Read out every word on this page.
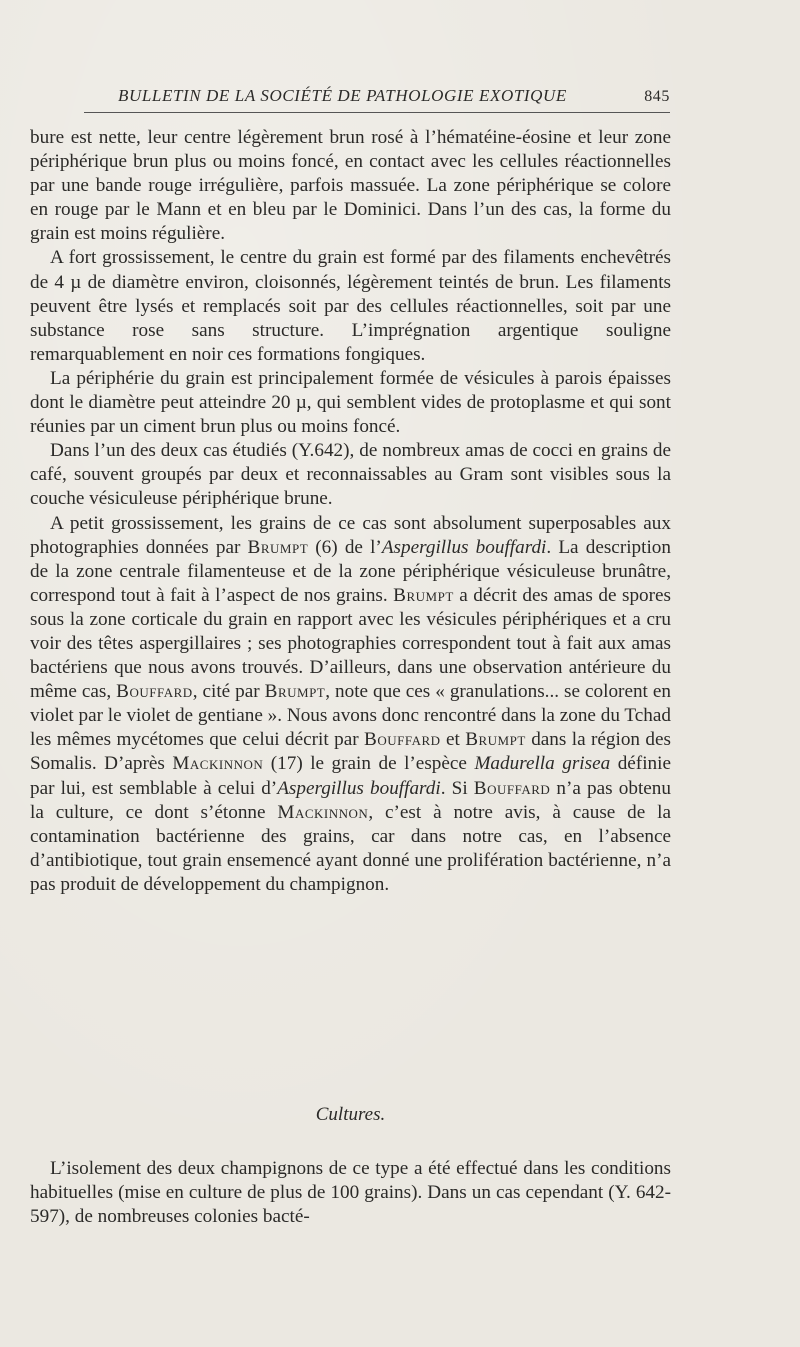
BULLETIN DE LA SOCIÉTÉ DE PATHOLOGIE EXOTIQUE	845

bure est nette, leur centre légèrement brun rosé à l’hématéine-éosine et leur zone périphérique brun plus ou moins foncé, en contact avec les cellules réactionnelles par une bande rouge irrégulière, parfois massuée. La zone périphérique se colore en rouge par le Mann et en bleu par le Dominici. Dans l’un des cas, la forme du grain est moins régulière.

A fort grossissement, le centre du grain est formé par des filaments enchevêtrés de 4 µ de diamètre environ, cloisonnés, légèrement teintés de brun. Les filaments peuvent être lysés et remplacés soit par des cellules réactionnelles, soit par une substance rose sans structure. L’imprégnation argentique souligne remarquablement en noir ces formations fongiques.

La périphérie du grain est principalement formée de vésicules à parois épaisses dont le diamètre peut atteindre 20 µ, qui semblent vides de protoplasme et qui sont réunies par un ciment brun plus ou moins foncé.

Dans l’un des deux cas étudiés (Y.642), de nombreux amas de cocci en grains de café, souvent groupés par deux et reconnaissables au Gram sont visibles sous la couche vésiculeuse périphérique brune.

A petit grossissement, les grains de ce cas sont absolument superposables aux photographies données par Brumpt (6) de l’Aspergillus bouffardi. La description de la zone centrale filamenteuse et de la zone périphérique vésiculeuse brunâtre, correspond tout à fait à l’aspect de nos grains. Brumpt a décrit des amas de spores sous la zone corticale du grain en rapport avec les vésicules périphériques et a cru voir des têtes aspergillaires ; ses photographies correspondent tout à fait aux amas bactériens que nous avons trouvés. D’ailleurs, dans une observation antérieure du même cas, Bouffard, cité par Brumpt, note que ces « granulations... se colorent en violet par le violet de gentiane ». Nous avons donc rencontré dans la zone du Tchad les mêmes mycétomes que celui décrit par Bouffard et Brumpt dans la région des Somalis. D’après Mackinnon (17) le grain de l’espèce Madurella grisea définie par lui, est semblable à celui d’Aspergillus bouffardi. Si Bouffard n’a pas obtenu la culture, ce dont s’étonne Mackinnon, c’est à notre avis, à cause de la contamination bactérienne des grains, car dans notre cas, en l’absence d’antibiotique, tout grain ensemencé ayant donné une prolifération bactérienne, n’a pas produit de développement du champignon.

Cultures.

L’isolement des deux champignons de ce type a été effectué dans les conditions habituelles (mise en culture de plus de 100 grains). Dans un cas cependant (Y. 642-597), de nombreuses colonies bacté-
